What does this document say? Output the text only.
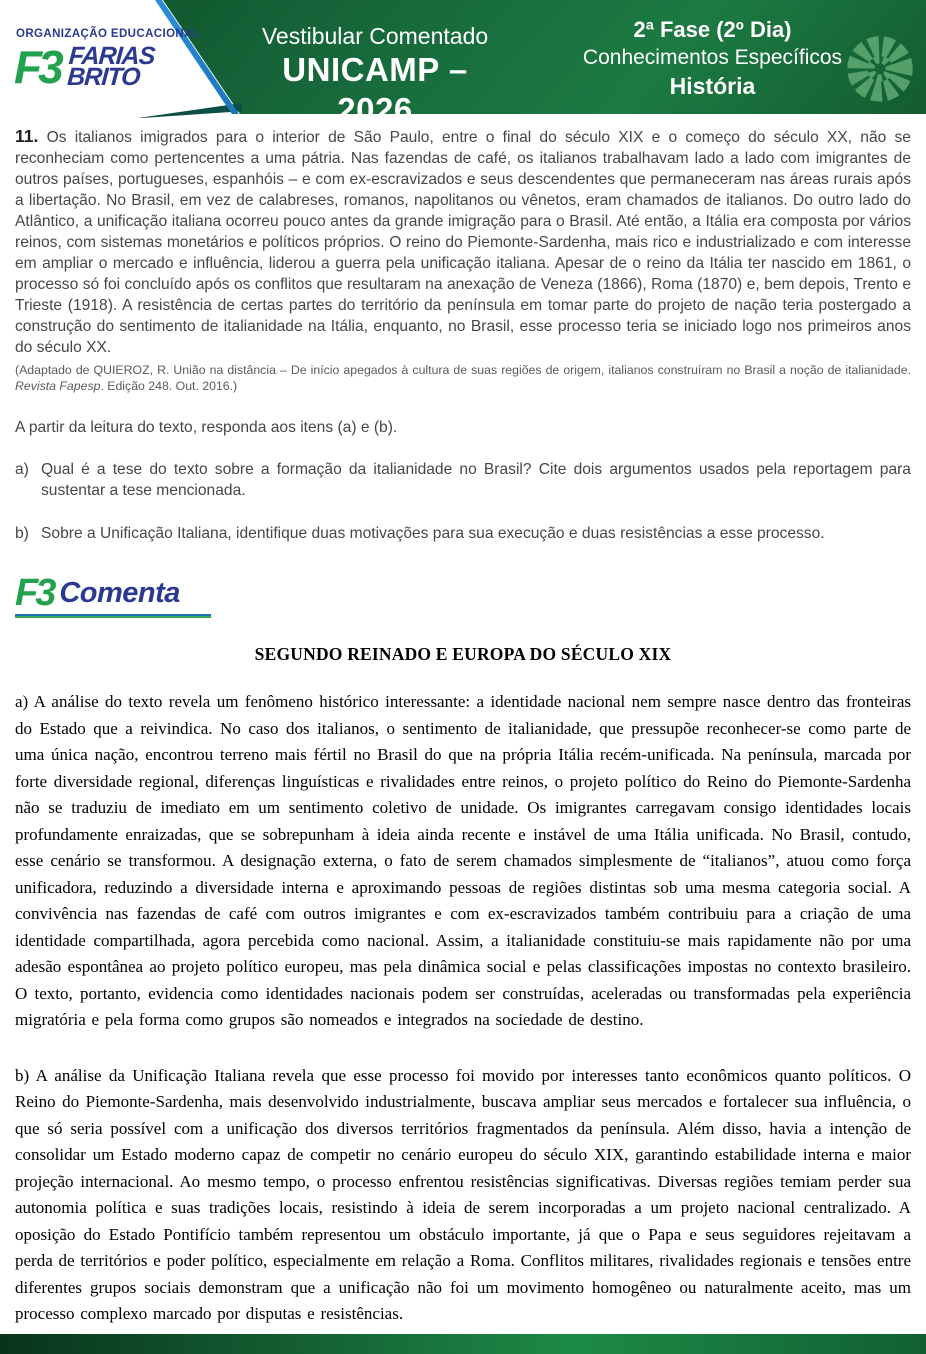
ORGANIZAÇÃO EDUCACIONAL
F3 FARIAS
BRITO
Vestibular Comentado
UNICAMP – 2026
2ª Fase (2º Dia)
Conhecimentos Específicos
História

11. Os italianos imigrados para o interior de São Paulo, entre o final do século XIX e o começo do século XX, não se reconheciam como pertencentes a uma pátria. Nas fazendas de café, os italianos trabalhavam lado a lado com imigrantes de outros países, portugueses, espanhóis – e com ex-escravizados e seus descendentes que permaneceram nas áreas rurais após a libertação. No Brasil, em vez de calabreses, romanos, napolitanos ou vênetos, eram chamados de italianos. Do outro lado do Atlântico, a unificação italiana ocorreu pouco antes da grande imigração para o Brasil. Até então, a Itália era composta por vários reinos, com sistemas monetários e políticos próprios. O reino do Piemonte-Sardenha, mais rico e industrializado e com interesse em ampliar o mercado e influência, liderou a guerra pela unificação italiana. Apesar de o reino da Itália ter nascido em 1861, o processo só foi concluído após os conflitos que resultaram na anexação de Veneza (1866), Roma (1870) e, bem depois, Trento e Trieste (1918). A resistência de certas partes do território da península em tomar parte do projeto de nação teria postergado a construção do sentimento de italianidade na Itália, enquanto, no Brasil, esse processo teria se iniciado logo nos primeiros anos do século XX.

(Adaptado de QUIEROZ, R. União na distância – De início apegados à cultura de suas regiões de origem, italianos construíram no Brasil a noção de italianidade. Revista Fapesp. Edição 248. Out. 2016.)

A partir da leitura do texto, responda aos itens (a) e (b).
a) Qual é a tese do texto sobre a formação da italianidade no Brasil? Cite dois argumentos usados pela reportagem para sustentar a tese mencionada.
b) Sobre a Unificação Italiana, identifique duas motivações para sua execução e duas resistências a esse processo.
F3 Comenta
SEGUNDO REINADO E EUROPA DO SÉCULO XIX

a) A análise do texto revela um fenômeno histórico interessante: a identidade nacional nem sempre nasce dentro das fronteiras do Estado que a reivindica. No caso dos italianos, o sentimento de italianidade, que pressupõe reconhecer-se como parte de uma única nação, encontrou terreno mais fértil no Brasil do que na própria Itália recém-unificada. Na península, marcada por forte diversidade regional, diferenças linguísticas e rivalidades entre reinos, o projeto político do Reino do Piemonte-Sardenha não se traduziu de imediato em um sentimento coletivo de unidade. Os imigrantes carregavam consigo identidades locais profundamente enraizadas, que se sobrepunham à ideia ainda recente e instável de uma Itália unificada. No Brasil, contudo, esse cenário se transformou. A designação externa, o fato de serem chamados simplesmente de “italianos”, atuou como força unificadora, reduzindo a diversidade interna e aproximando pessoas de regiões distintas sob uma mesma categoria social. A convivência nas fazendas de café com outros imigrantes e com ex-escravizados também contribuiu para a criação de uma identidade compartilhada, agora percebida como nacional. Assim, a italianidade constituiu-se mais rapidamente não por uma adesão espontânea ao projeto político europeu, mas pela dinâmica social e pelas classificações impostas no contexto brasileiro. O texto, portanto, evidencia como identidades nacionais podem ser construídas, aceleradas ou transformadas pela experiência migratória e pela forma como grupos são nomeados e integrados na sociedade de destino.

b) A análise da Unificação Italiana revela que esse processo foi movido por interesses tanto econômicos quanto políticos. O Reino do Piemonte-Sardenha, mais desenvolvido industrialmente, buscava ampliar seus mercados e fortalecer sua influência, o que só seria possível com a unificação dos diversos territórios fragmentados da península. Além disso, havia a intenção de consolidar um Estado moderno capaz de competir no cenário europeu do século XIX, garantindo estabilidade interna e maior projeção internacional. Ao mesmo tempo, o processo enfrentou resistências significativas. Diversas regiões temiam perder sua autonomia política e suas tradições locais, resistindo à ideia de serem incorporadas a um projeto nacional centralizado. A oposição do Estado Pontifício também representou um obstáculo importante, já que o Papa e seus seguidores rejeitavam a perda de territórios e poder político, especialmente em relação a Roma. Conflitos militares, rivalidades regionais e tensões entre diferentes grupos sociais demonstram que a unificação não foi um movimento homogêneo ou naturalmente aceito, mas um processo complexo marcado por disputas e resistências.
